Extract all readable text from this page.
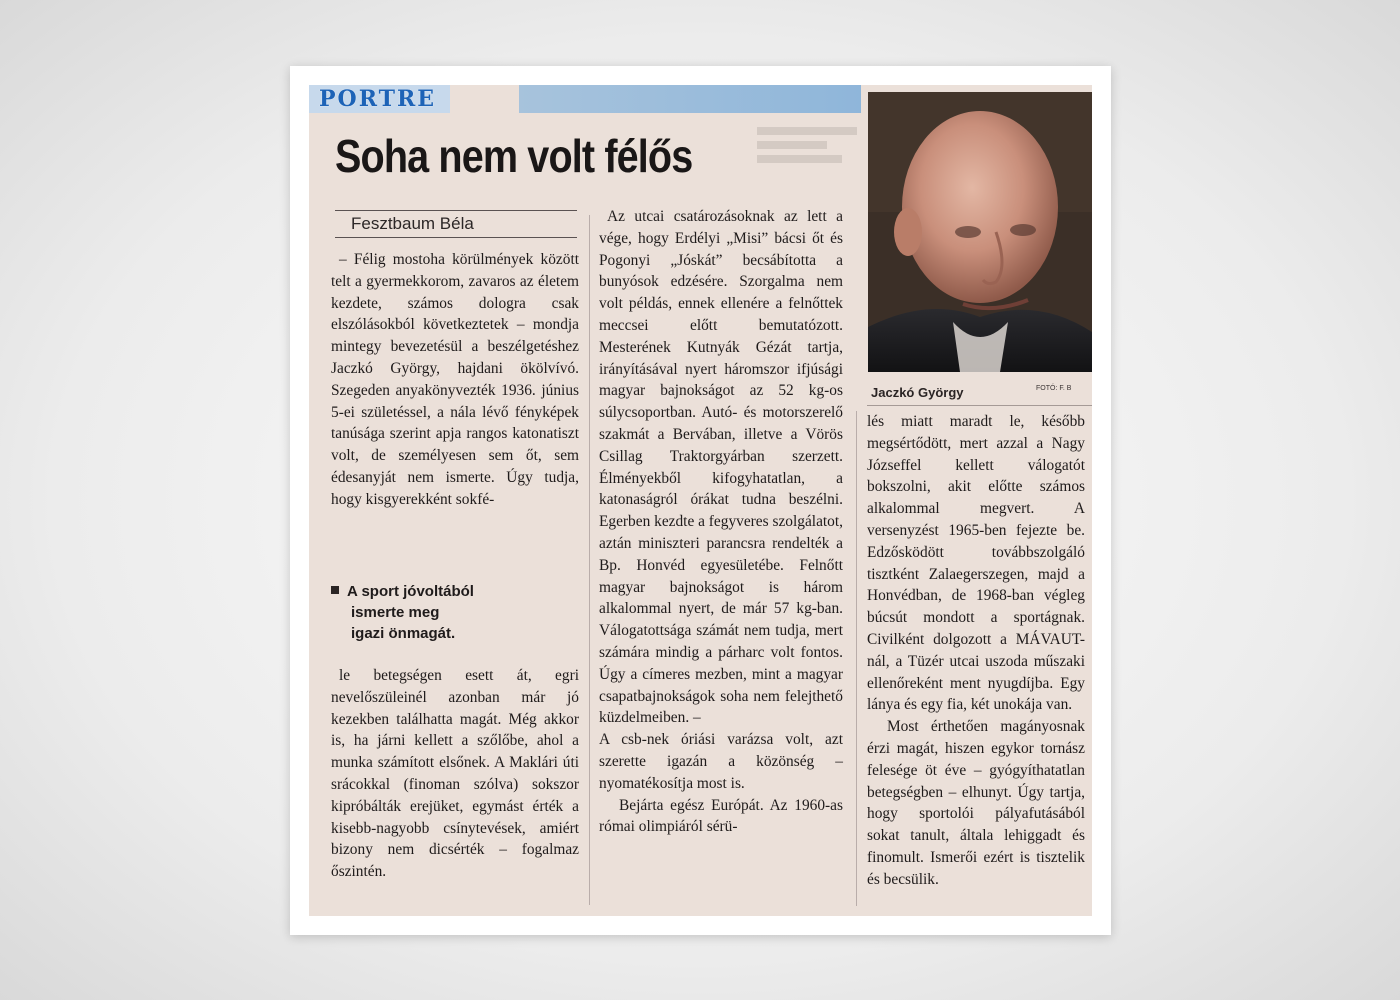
PORTRE
Soha nem volt félős
Fesztbaum Béla

– Félig mostoha körülmények között telt a gyermekkorom, zavaros az életem kezdete, számos dologra csak elszólásokból következtetek – mondja mintegy bevezetésül a beszélgetéshez Jaczkó György, hajdani ökölvívó. Szegeden anyakönyvezték 1936. június 5-ei születéssel, a nála lévő fényképek tanúsága szerint apja rangos katonatiszt volt, de személyesen sem őt, sem édesanyját nem ismerte. Úgy tudja, hogy kisgyerekként sokfé-

A sport jóvoltából
ismerte meg
igazi önmagát.

le betegségen esett át, egri nevelőszüleinél azonban már jó kezekben találhatta magát. Még akkor is, ha járni kellett a szőlőbe, ahol a munka számított elsőnek. A Maklári úti srácokkal (finoman szólva) sokszor kipróbálták erejüket, egymást érték a kisebb-nagyobb csínytevések, amiért bizony nem dicsérték – fogalmaz őszintén.

Az utcai csatározásoknak az lett a vége, hogy Erdélyi „Misi” bácsi őt és Pogonyi „Jóskát” becsábította a bunyósok edzésére. Szorgalma nem volt példás, ennek ellenére a felnőttek meccsei előtt bemutatózott. Mesterének Kutnyák Gézát tartja, irányításával nyert háromszor ifjúsági magyar bajnokságot az 52 kg-os súlycsoportban. Autó- és motorszerelő szakmát a Bervában, illetve a Vörös Csillag Traktorgyárban szerzett. Élményekből kifogyhatatlan, a katonaságról órákat tudna beszélni. Egerben kezdte a fegyveres szolgálatot, aztán miniszteri parancsra rendelték a Bp. Honvéd egyesületébe. Felnőtt magyar bajnokságot is három alkalommal nyert, de már 57 kg-ban. Válogatottsága számát nem tudja, mert számára mindig a párharc volt fontos. Úgy a címeres mezben, mint a magyar csapatbajnokságok soha nem felejthető küzdelmeiben. –

A csb-nek óriási varázsa volt, azt szerette igazán a közönség – nyomatékosítja most is.

Bejárta egész Európát. Az 1960-as római olimpiáról sérü-

Jaczkó György	FOTÓ: F. B

lés miatt maradt le, később megsértődött, mert azzal a Nagy Józseffel kellett válogatót bokszolni, akit előtte számos alkalommal megvert. A versenyzést 1965-ben fejezte be. Edzősködött továbbszolgáló tisztként Zalaegerszegen, majd a Honvédban, de 1968-ban végleg búcsút mondott a sportágnak. Civilként dolgozott a MÁVAUT-nál, a Tüzér utcai uszoda műszaki ellenőreként ment nyugdíjba. Egy lánya és egy fia, két unokája van.

Most érthetően magányosnak érzi magát, hiszen egykor tornász felesége öt éve – gyógyíthatatlan betegségben – elhunyt. Úgy tartja, hogy sportolói pályafutásából sokat tanult, általa lehiggadt és finomult. Ismerői ezért is tisztelik és becsülik.
